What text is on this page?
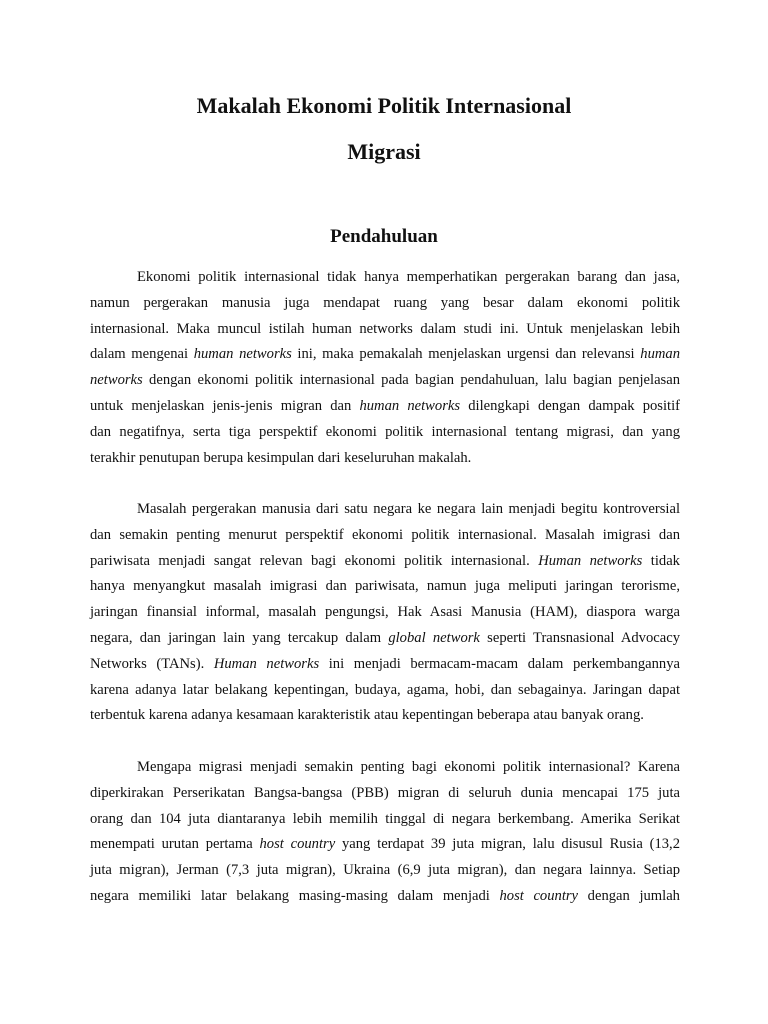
Makalah Ekonomi Politik Internasional
Migrasi
Pendahuluan
Ekonomi politik internasional tidak hanya memperhatikan pergerakan barang dan jasa,
namun pergerakan manusia juga mendapat ruang yang besar dalam ekonomi politik
internasional. Maka muncul istilah human networks dalam studi ini. Untuk menjelaskan lebih
dalam mengenai human networks ini, maka pemakalah menjelaskan urgensi dan relevansi human
networks dengan ekonomi politik internasional pada bagian pendahuluan, lalu bagian penjelasan
untuk menjelaskan jenis-jenis migran dan human networks dilengkapi dengan dampak positif
dan negatifnya, serta tiga perspektif ekonomi politik internasional tentang migrasi, dan yang
terakhir penutupan berupa kesimpulan dari keseluruhan makalah.
Masalah pergerakan manusia dari satu negara ke negara lain menjadi begitu kontroversial
dan semakin penting menurut perspektif ekonomi politik internasional. Masalah imigrasi dan
pariwisata menjadi sangat relevan bagi ekonomi politik internasional. Human networks tidak
hanya menyangkut masalah imigrasi dan pariwisata, namun juga meliputi jaringan terorisme,
jaringan finansial informal, masalah pengungsi, Hak Asasi Manusia (HAM), diaspora warga
negara, dan jaringan lain yang tercakup dalam global network seperti Transnasional Advocacy
Networks (TANs). Human networks ini menjadi bermacam-macam dalam perkembangannya
karena adanya latar belakang kepentingan, budaya, agama, hobi, dan sebagainya. Jaringan dapat
terbentuk karena adanya kesamaan karakteristik atau kepentingan beberapa atau banyak orang.
Mengapa migrasi menjadi semakin penting bagi ekonomi politik internasional? Karena
diperkirakan Perserikatan Bangsa-bangsa (PBB) migran di seluruh dunia mencapai 175 juta
orang dan 104 juta diantaranya lebih memilih tinggal di negara berkembang. Amerika Serikat
menempati urutan pertama host country yang terdapat 39 juta migran, lalu disusul Rusia (13,2
juta migran), Jerman (7,3 juta migran), Ukraina (6,9 juta migran), dan negara lainnya. Setiap
negara memiliki latar belakang masing-masing dalam menjadi host country dengan jumlah
